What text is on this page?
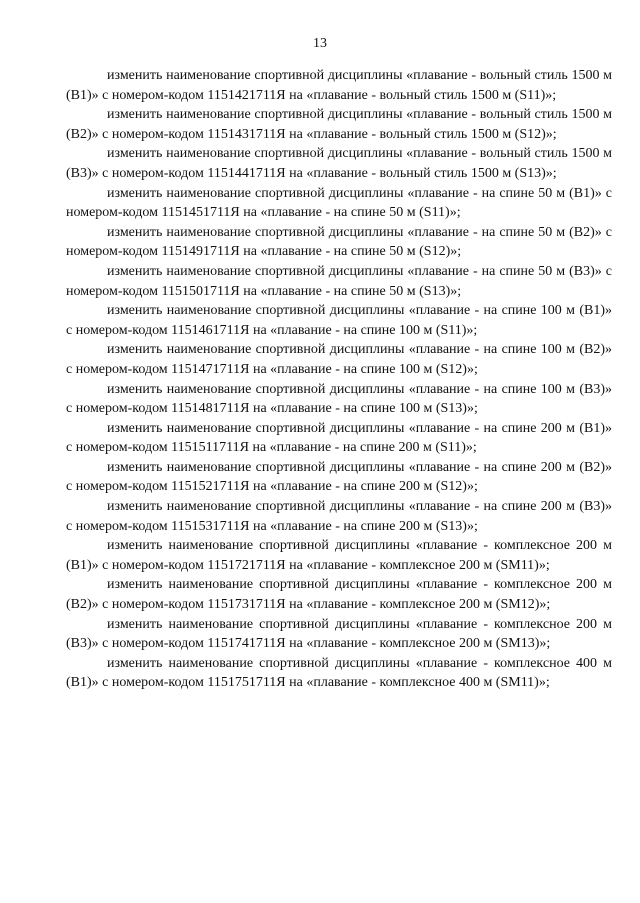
13

изменить наименование спортивной дисциплины «плавание - вольный стиль 1500 м (В1)» с номером-кодом 1151421711Я на «плавание - вольный стиль 1500 м (S11)»;

изменить наименование спортивной дисциплины «плавание - вольный стиль 1500 м (В2)» с номером-кодом 1151431711Я на «плавание - вольный стиль 1500 м (S12)»;

изменить наименование спортивной дисциплины «плавание - вольный стиль 1500 м (В3)» с номером-кодом 1151441711Я на «плавание - вольный стиль 1500 м (S13)»;

изменить наименование спортивной дисциплины «плавание - на спине 50 м (В1)» с номером-кодом 1151451711Я на «плавание - на спине 50 м (S11)»;

изменить наименование спортивной дисциплины «плавание - на спине 50 м (В2)» с номером-кодом 1151491711Я на «плавание - на спине 50 м (S12)»;

изменить наименование спортивной дисциплины «плавание - на спине 50 м (В3)» с номером-кодом 1151501711Я на «плавание - на спине 50 м (S13)»;

изменить наименование спортивной дисциплины «плавание - на спине 100 м (В1)» с номером-кодом 1151461711Я на «плавание - на спине 100 м (S11)»;

изменить наименование спортивной дисциплины «плавание - на спине 100 м (В2)» с номером-кодом 1151471711Я на «плавание - на спине 100 м (S12)»;

изменить наименование спортивной дисциплины «плавание - на спине 100 м (В3)» с номером-кодом 1151481711Я на «плавание - на спине 100 м (S13)»;

изменить наименование спортивной дисциплины «плавание - на спине 200 м (В1)» с номером-кодом 1151511711Я на «плавание - на спине 200 м (S11)»;

изменить наименование спортивной дисциплины «плавание - на спине 200 м (В2)» с номером-кодом 1151521711Я на «плавание - на спине 200 м (S12)»;

изменить наименование спортивной дисциплины «плавание - на спине 200 м (В3)» с номером-кодом 1151531711Я на «плавание - на спине 200 м (S13)»;

изменить наименование спортивной дисциплины «плавание - комплексное 200 м (В1)» с номером-кодом 1151721711Я на «плавание - комплексное 200 м (SM11)»;

изменить наименование спортивной дисциплины «плавание - комплексное 200 м (В2)» с номером-кодом 1151731711Я на «плавание - комплексное 200 м (SM12)»;

изменить наименование спортивной дисциплины «плавание - комплексное 200 м (В3)» с номером-кодом 1151741711Я на «плавание - комплексное 200 м (SM13)»;

изменить наименование спортивной дисциплины «плавание - комплексное 400 м (В1)» с номером-кодом 1151751711Я на «плавание - комплексное 400 м (SM11)»;
